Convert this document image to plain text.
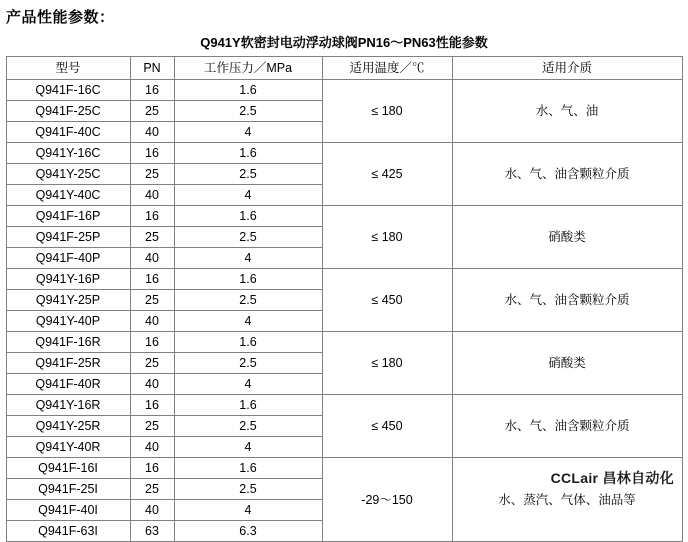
产品性能参数：
Q941Y软密封电动浮动球阀PN16～PN63性能参数
型号	PN	工作压力／MPa	适用温度／℃	适用介质
Q941F-16C	16	1.6	≤ 180	水、气、油
Q941F-25C	25	2.5		
Q941F-40C	40	4		
Q941Y-16C	16	1.6	≤ 425	水、气、油含颗粒介质
Q941Y-25C	25	2.5		
Q941Y-40C	40	4		
Q941F-16P	16	1.6	≤ 180	硝酸类
Q941F-25P	25	2.5		
Q941F-40P	40	4		
Q941Y-16P	16	1.6	≤ 450	水、气、油含颗粒介质
Q941Y-25P	25	2.5		
Q941Y-40P	40	4		
Q941F-16R	16	1.6	≤ 180	硝酸类
Q941F-25R	25	2.5		
Q941F-40R	40	4		
Q941Y-16R	16	1.6	≤ 450	水、气、油含颗粒介质
Q941Y-25R	25	2.5		
Q941Y-40R	40	4		
Q941F-16I	16	1.6	-29～150	水、蒸汽、气体、油品等
Q941F-25I	25	2.5		
Q941F-40I	40	4		
Q941F-63I	63	6.3		
CCLair 昌林自动化
